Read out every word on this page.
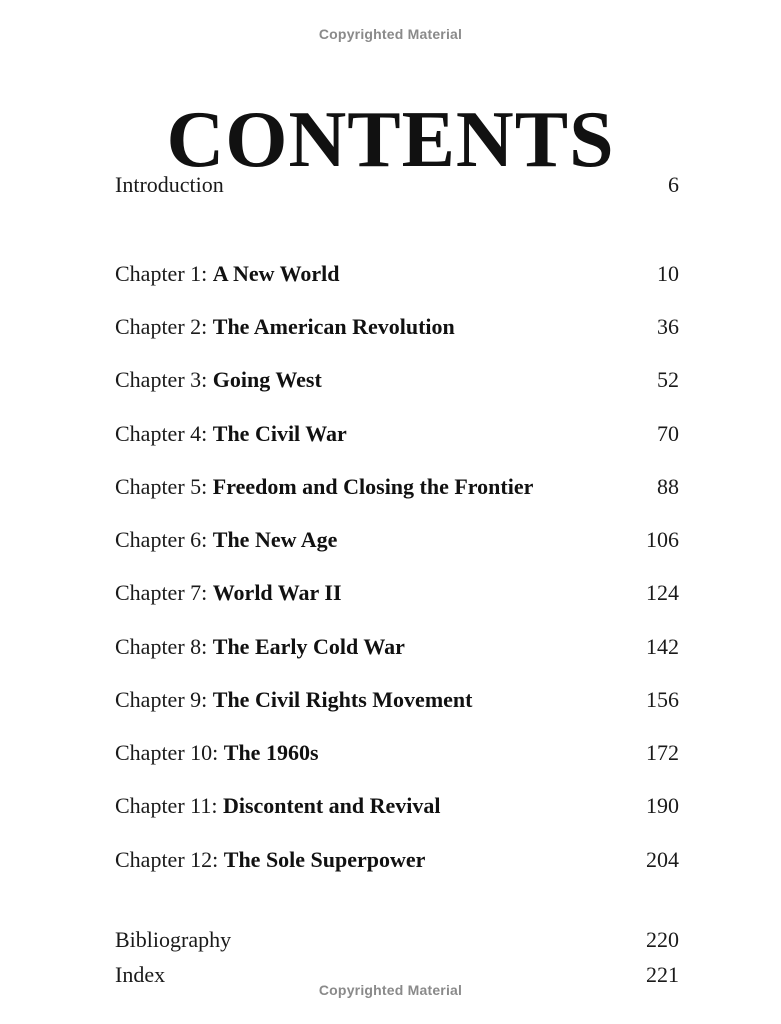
Copyrighted Material
CONTENTS
Introduction	6
Chapter 1: A New World	10
Chapter 2: The American Revolution	36
Chapter 3: Going West	52
Chapter 4: The Civil War	70
Chapter 5: Freedom and Closing the Frontier	88
Chapter 6: The New Age	106
Chapter 7: World War II	124
Chapter 8: The Early Cold War	142
Chapter 9: The Civil Rights Movement	156
Chapter 10: The 1960s	172
Chapter 11: Discontent and Revival	190
Chapter 12: The Sole Superpower	204
Bibliography	220
Index	221
Copyrighted Material
